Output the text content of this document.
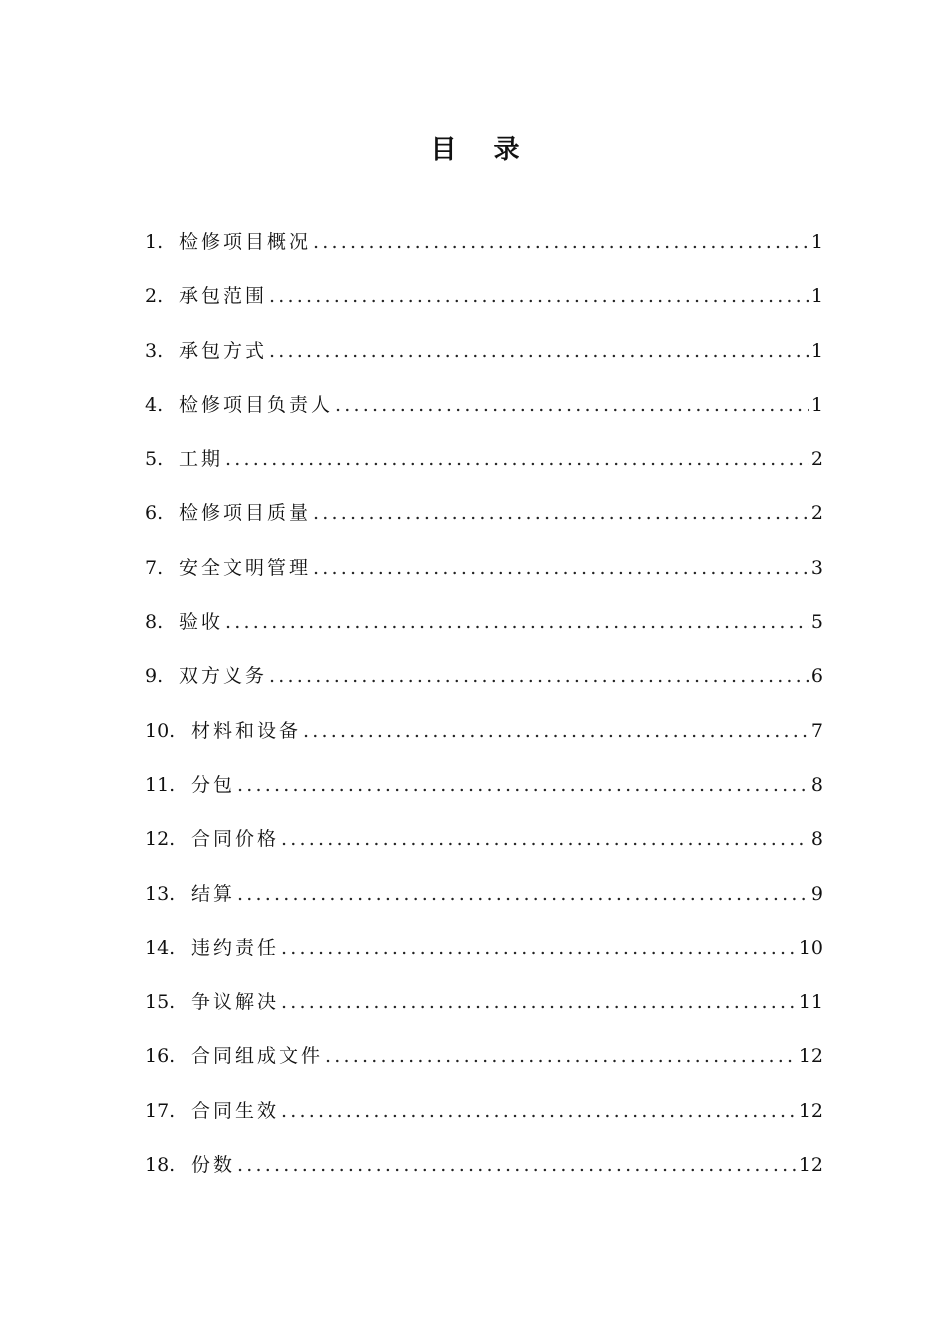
目 录
1. 检修项目概况 .....	1
2. 承包范围 .....	1
3. 承包方式 .....	1
4. 检修项目负责人 .....	1
5. 工期 .....	2
6. 检修项目质量 .....	2
7. 安全文明管理 .....	3
8. 验收 .....	5
9. 双方义务 .....	6
10. 材料和设备 .....	7
11. 分包 .....	8
12. 合同价格 .....	8
13. 结算 .....	9
14. 违约责任 .....	10
15. 争议解决 .....	11
16. 合同组成文件 .....	12
17. 合同生效 .....	12
18. 份数 .....	12
